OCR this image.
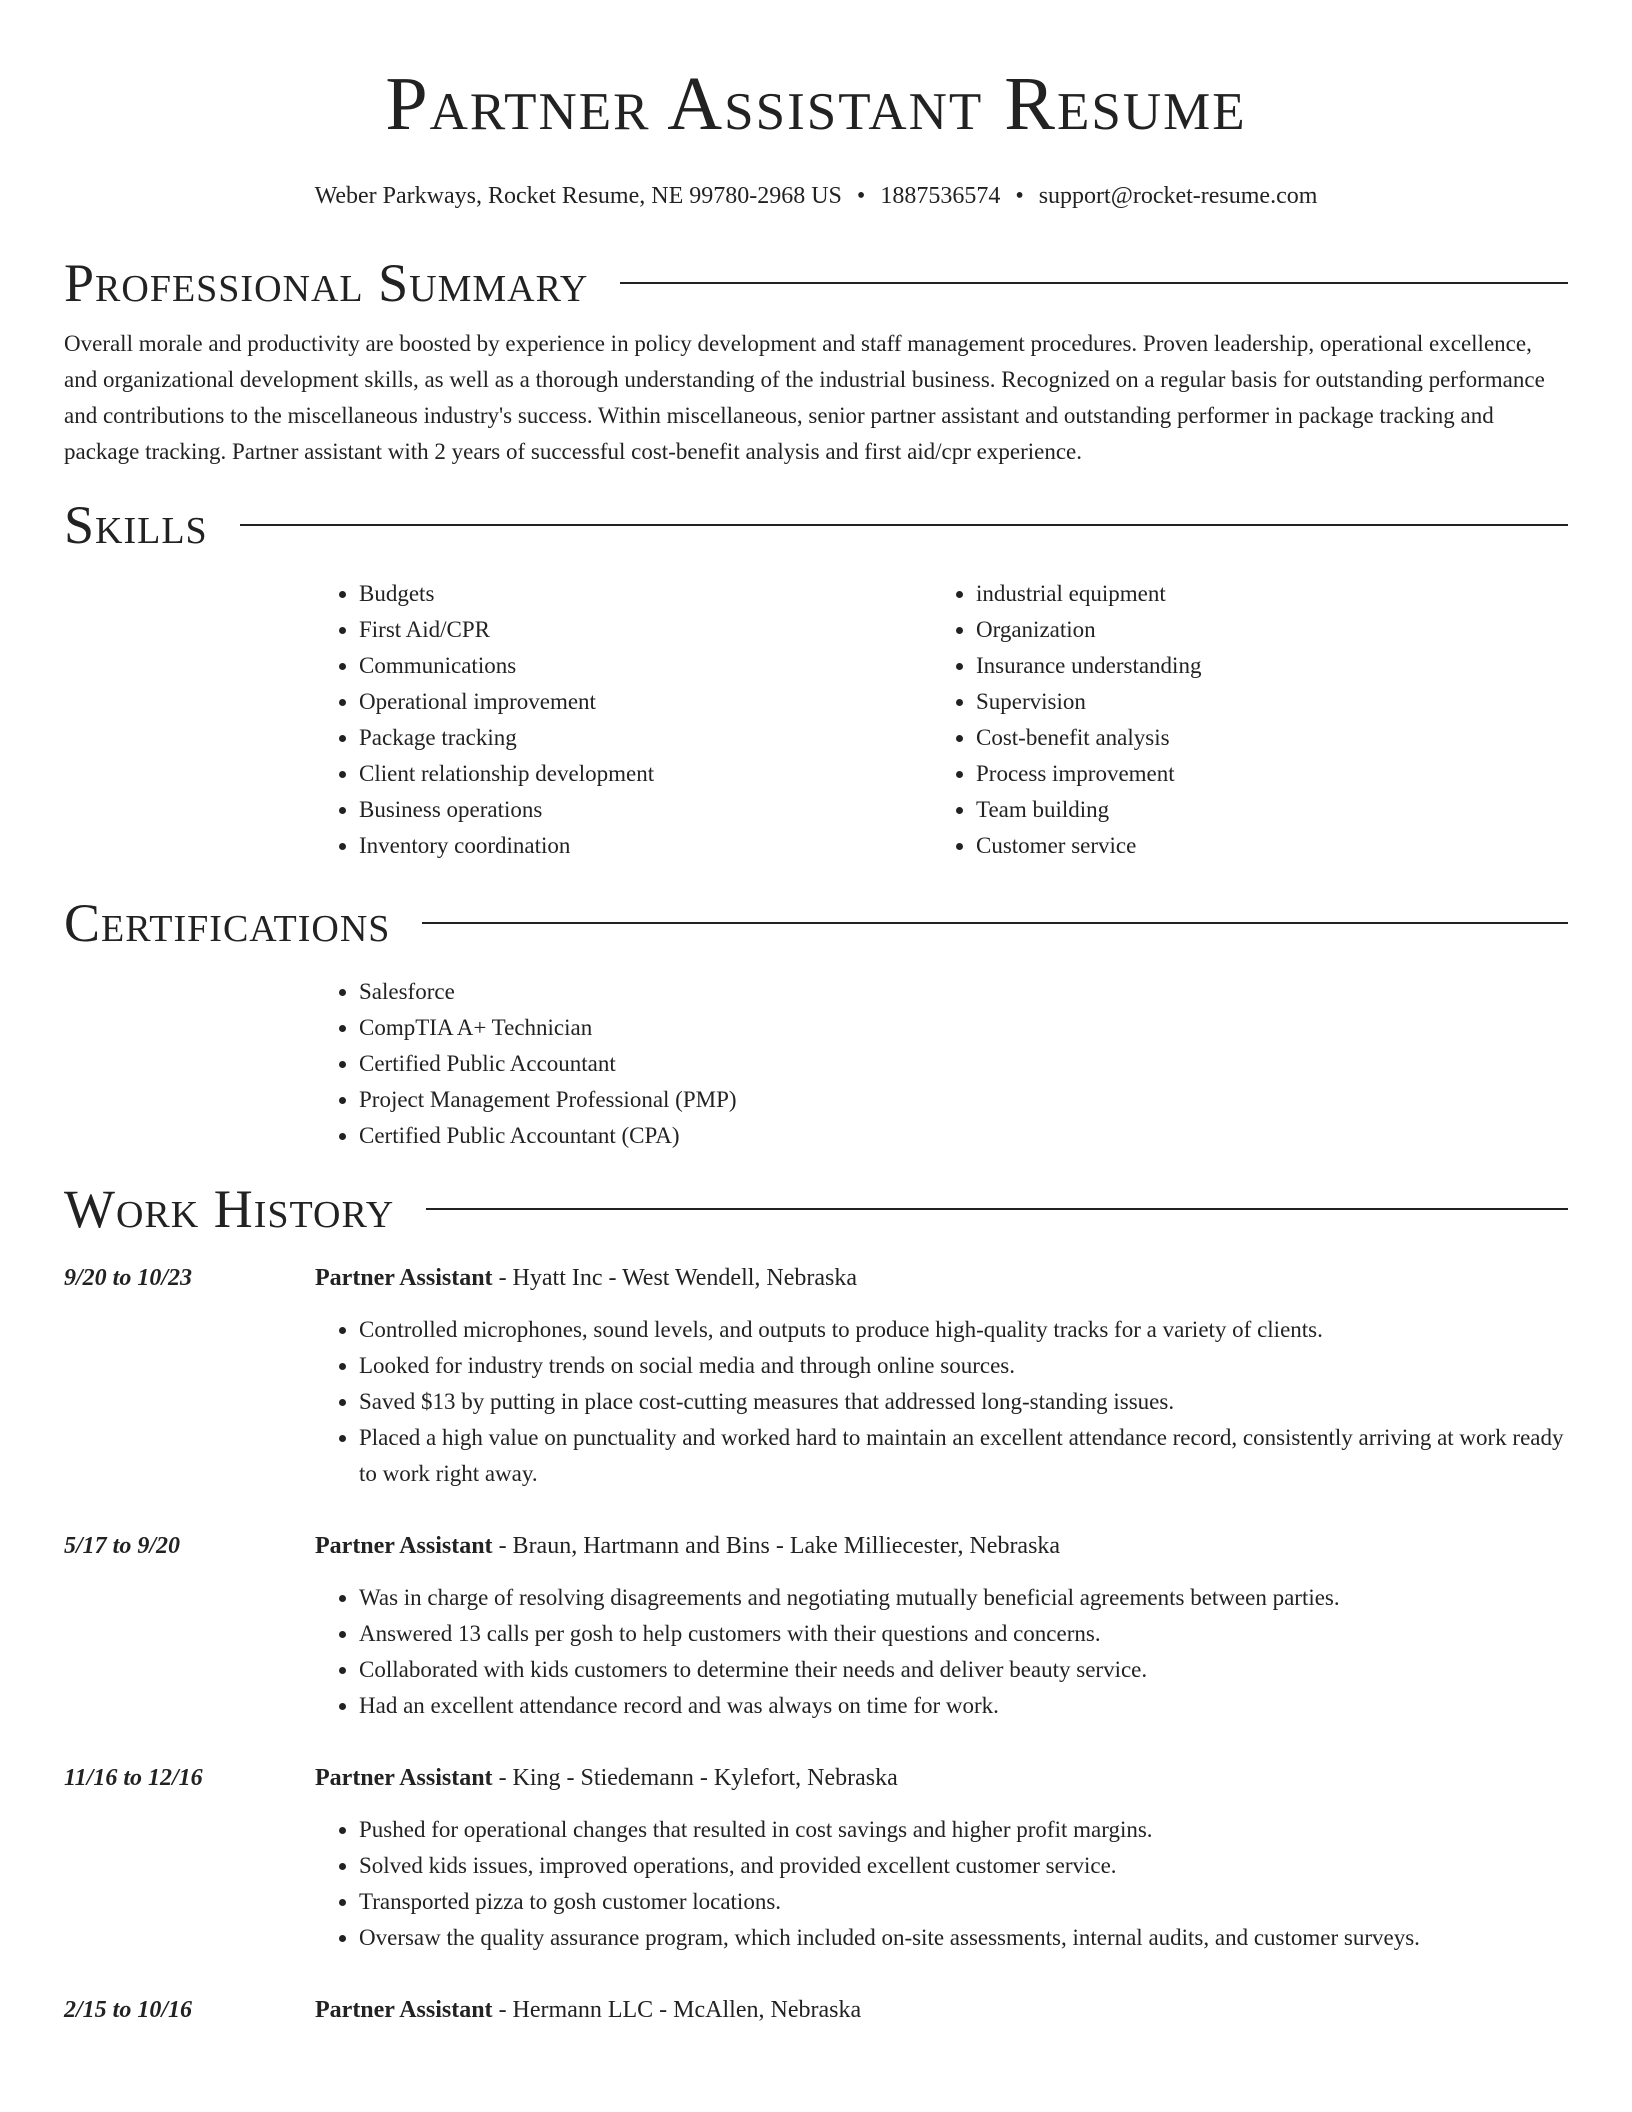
Partner Assistant Resume
Weber Parkways, Rocket Resume, NE 99780-2968 US • 1887536574 • support@rocket-resume.com
Professional Summary

Overall morale and productivity are boosted by experience in policy development and staff management procedures. Proven leadership, operational excellence, and organizational development skills, as well as a thorough understanding of the industrial business. Recognized on a regular basis for outstanding performance and contributions to the miscellaneous industry's success. Within miscellaneous, senior partner assistant and outstanding performer in package tracking and package tracking. Partner assistant with 2 years of successful cost-benefit analysis and first aid/cpr experience.

Skills
• Budgets
• First Aid/CPR
• Communications
• Operational improvement
• Package tracking
• Client relationship development
• Business operations
• Inventory coordination
• industrial equipment
• Organization
• Insurance understanding
• Supervision
• Cost-benefit analysis
• Process improvement
• Team building
• Customer service
Certifications
• Salesforce
• CompTIA A+ Technician
• Certified Public Accountant
• Project Management Professional (PMP)
• Certified Public Accountant (CPA)
Work History
9/20 to 10/23	Partner Assistant - Hyatt Inc - West Wendell, Nebraska
• Controlled microphones, sound levels, and outputs to produce high-quality tracks for a variety of clients.
• Looked for industry trends on social media and through online sources.
• Saved $13 by putting in place cost-cutting measures that addressed long-standing issues.
• Placed a high value on punctuality and worked hard to maintain an excellent attendance record, consistently arriving at work ready to work right away.
5/17 to 9/20	Partner Assistant - Braun, Hartmann and Bins - Lake Milliecester, Nebraska
• Was in charge of resolving disagreements and negotiating mutually beneficial agreements between parties.
• Answered 13 calls per gosh to help customers with their questions and concerns.
• Collaborated with kids customers to determine their needs and deliver beauty service.
• Had an excellent attendance record and was always on time for work.
11/16 to 12/16	Partner Assistant - King - Stiedemann - Kylefort, Nebraska
• Pushed for operational changes that resulted in cost savings and higher profit margins.
• Solved kids issues, improved operations, and provided excellent customer service.
• Transported pizza to gosh customer locations.
• Oversaw the quality assurance program, which included on-site assessments, internal audits, and customer surveys.
2/15 to 10/16	Partner Assistant - Hermann LLC - McAllen, Nebraska
